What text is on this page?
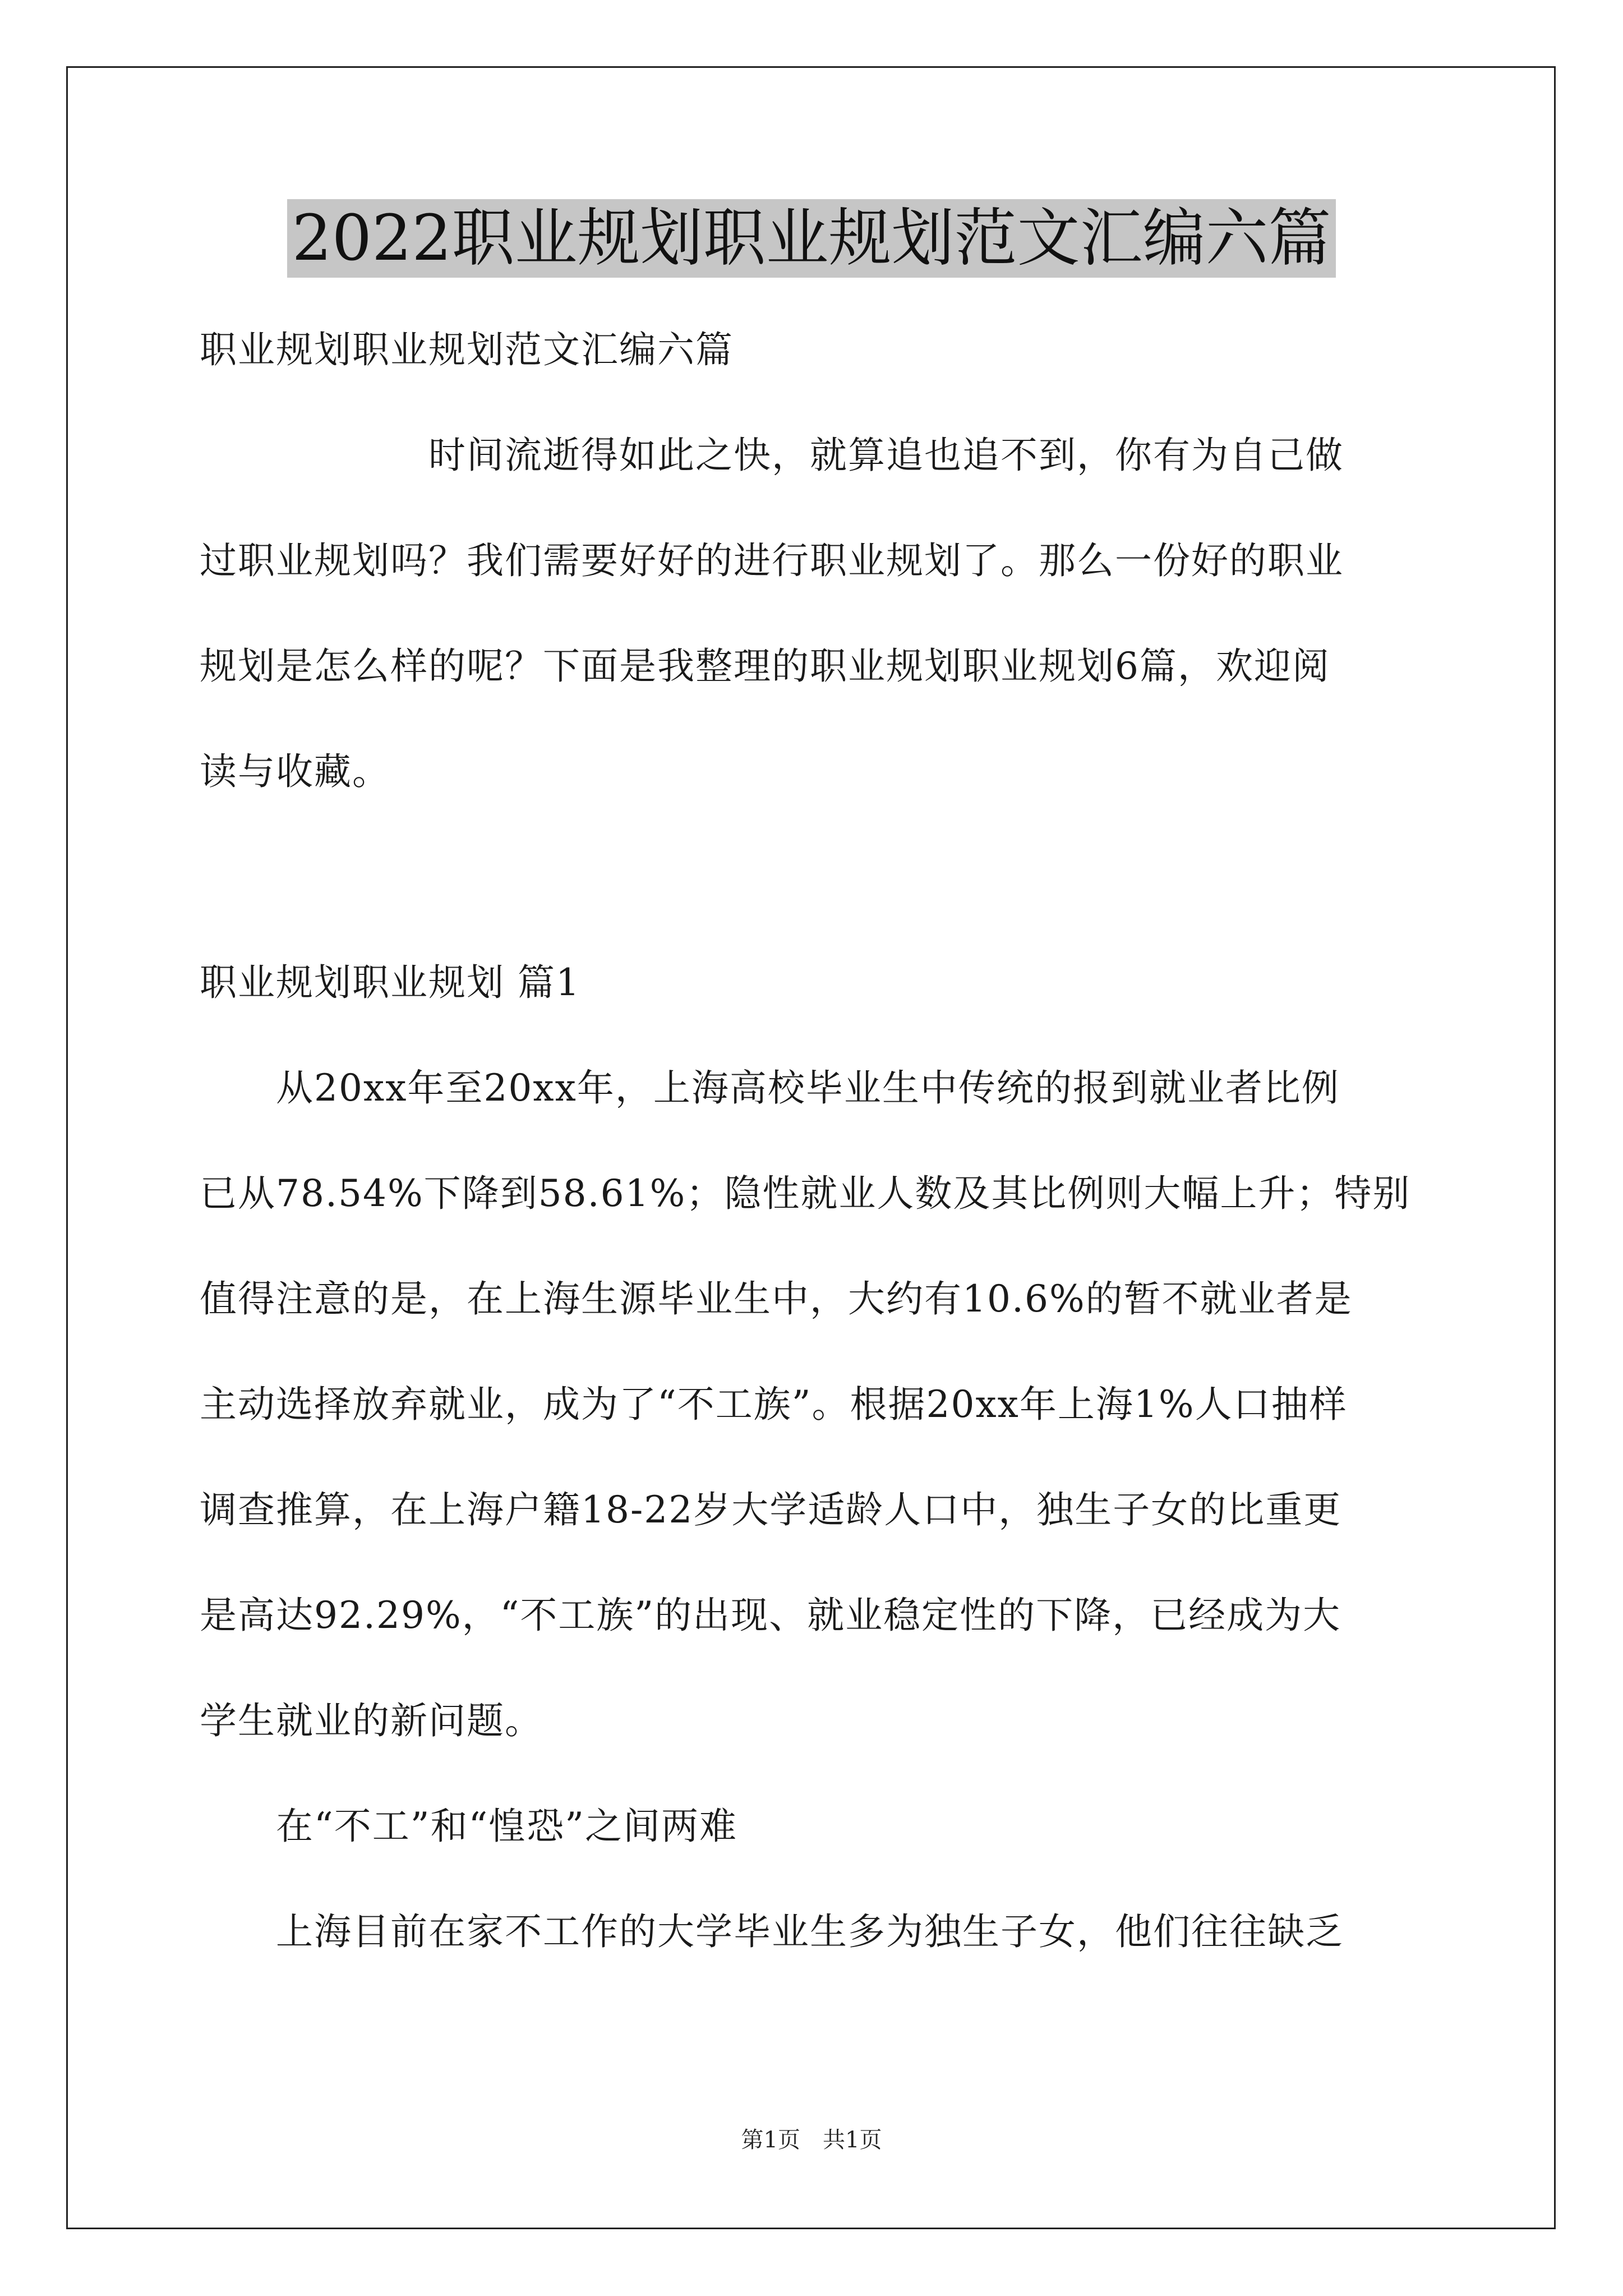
2022职业规划职业规划范文汇编六篇
职业规划职业规划范文汇编六篇
　　　　　　时间流逝得如此之快，就算追也追不到，你有为自己做
过职业规划吗？我们需要好好的进行职业规划了。那么一份好的职业
规划是怎么样的呢？下面是我整理的职业规划职业规划6篇，欢迎阅
读与收藏。
职业规划职业规划 篇1
　　从20xx年至20xx年，上海高校毕业生中传统的报到就业者比例
已从78.54%下降到58.61%；隐性就业人数及其比例则大幅上升；特别
值得注意的是，在上海生源毕业生中，大约有10.6%的暂不就业者是
主动选择放弃就业，成为了“不工族”。根据20xx年上海1%人口抽样
调查推算，在上海户籍18-22岁大学适龄人口中，独生子女的比重更
是高达92.29%，“不工族”的出现、就业稳定性的下降，已经成为大
学生就业的新问题。
　　在“不工”和“惶恐”之间两难
　　上海目前在家不工作的大学毕业生多为独生子女，他们往往缺乏
第1页　共1页
